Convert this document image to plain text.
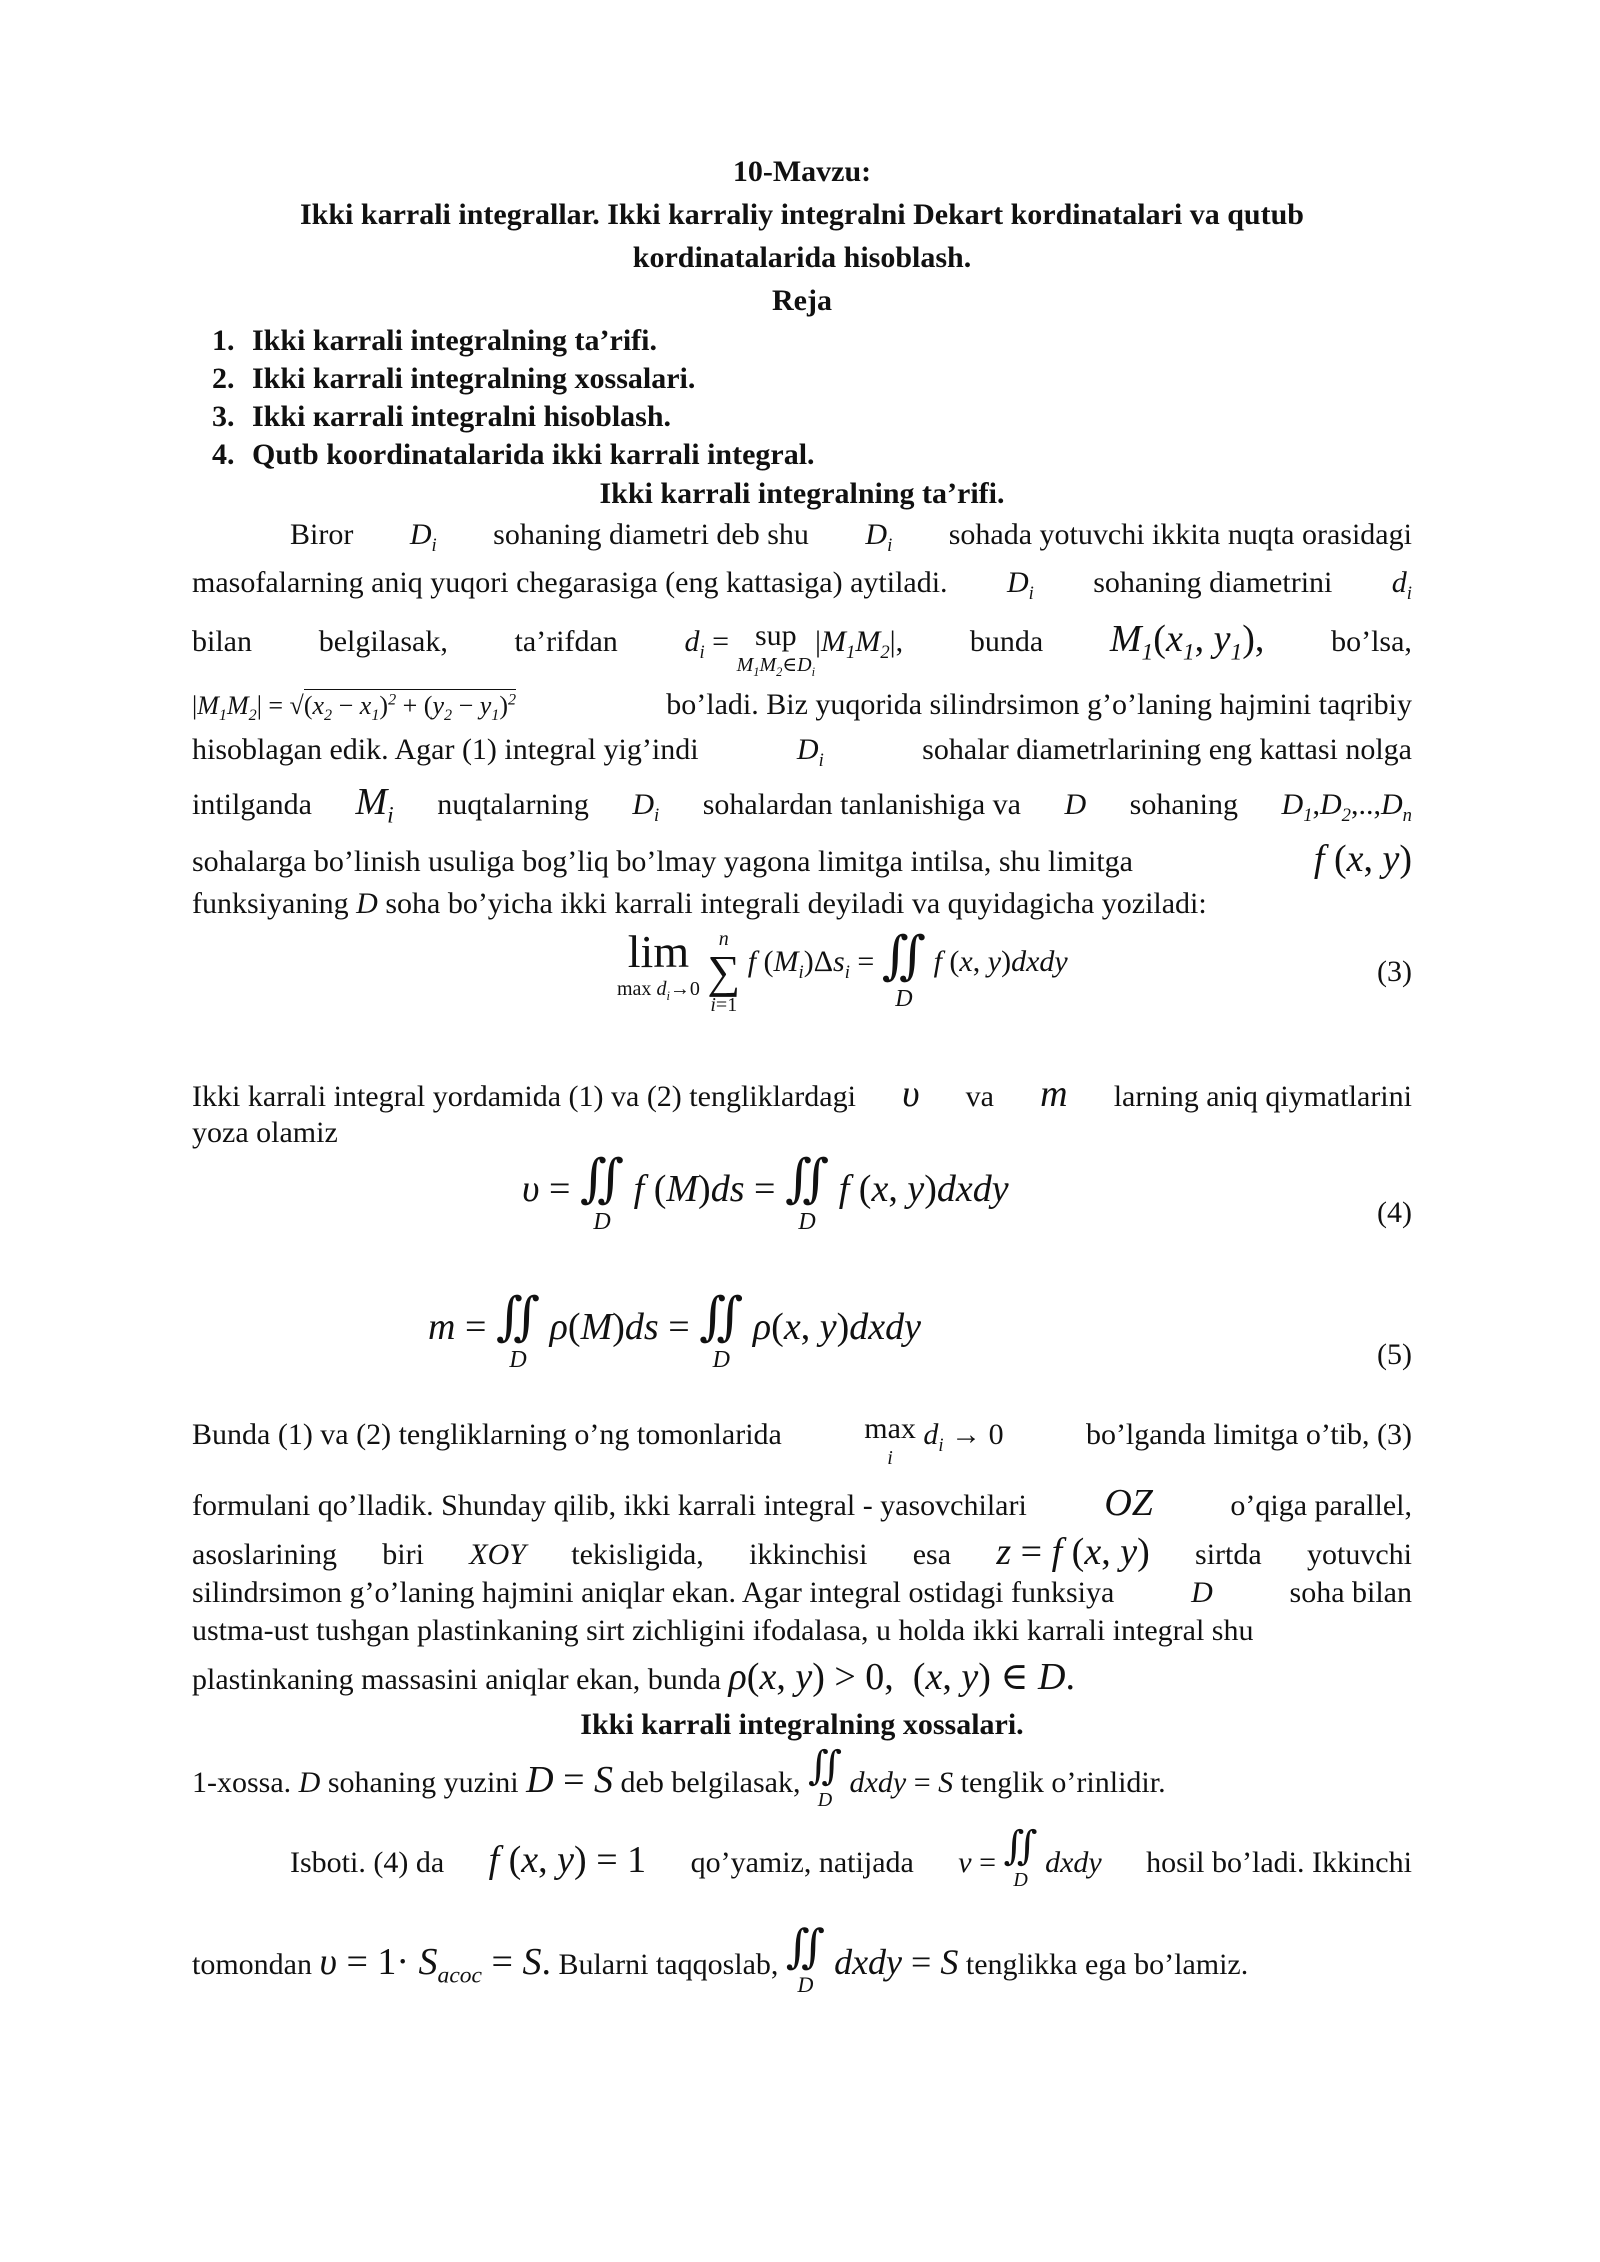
10-Mavzu:
Ikki karrali integrallar. Ikki karraliy integralni Dekart kordinatalari va qutub
kordinatalarida hisoblash.
Reja
1. Ikki karrali integralning ta’rifi.
2. Ikki karrali integralning xossalari.
3. Ikki кarrali integralni hisoblash.
4. Qutb koordinatalarida ikki karrali integral.
Ikki karrali integralning ta’rifi.
Biror $D_i$ sohaning diametri deb shu $D_i$ sohada yotuvchi ikkita nuqta orasidagi
masofalarning aniq yuqori chegarasiga (eng kattasiga) aytiladi. $D_i$ sohaning diametrini $d_i$
bilan belgilasak, ta’rifdan $d_i$ = sup
$M_1M_2\in D_i$
$|M_1M_2|$, bunda $M_1(x_1$, $y_1$), bo’lsa,
$|M_1M_2| = √(x_2 - x_1)^2 + (y_2 - y_1)^2$	bo’ladi. Biz yuqorida silindrsimon g’o’laning hajmini taqribiy
hisoblagan edik. Agar (1) integral yig’indi	$D_i$	sohalar diametrlarining eng kattasi nolga
intilganda $M_i$ nuqtalarning $D_i$ sohalardan tanlanishiga va D sohaning $D_1,D_2,..,D_n$
sohalarga bo’linish usuliga bog’liq bo’lmay yagona limitga intilsa, shu limitga	f (x, y)
funksiyaning D soha bo’yicha ikki karrali integrali deyiladi va quyidagicha yoziladi:
lim
$\max d_i\to 0$

n
∑
i=1
f $(M_i)\Delta s_i$ = ∬
D
f (x, y)dxdy	(3)
Ikki karrali integral yordamida (1) va (2) tengliklardagi υ va m larning aniq qiymatlarini
yoza olamiz
υ = ∬
D
f (M)ds = ∬
D
f (x, y)dxdy
(4)
m = ∬
D
ρ(M)ds = ∬
D
ρ(x, y)dxdy
(5)
Bunda (1) va (2) tengliklarning o’ng tomonlarida	max
i
$d_i \to 0$	bo’lganda limitga o’tib, (3)
formulani qo’lladik. Shunday qilib, ikki karrali integral - yasovchilari OZ	o’qiga parallel,
asoslarining biri XOY tekisligida, ikkinchisi esa z = f (x, y) sirtda yotuvchi
silindrsimon g’o’laning hajmini aniqlar ekan. Agar integral ostidagi funksiya	D	soha bilan
ustma-ust tushgan plastinkaning sirt zichligini ifodalasa, u holda ikki karrali integral shu
plastinkaning massasini aniqlar ekan, bunda ρ(x, y) > 0,  (x, y) ∈ D.
Ikki karrali integralning xossalari.
1-xossa. D sohaning yuzini D = S deb belgilasak, ∬
D
dxdy = S tenglik o’rinlidir.
Isboti. (4) da f (x, y) = 1 qo’yamiz, natijada v = ∬
D
dxdy hosil bo’ladi. Ikkinchi
tomondan $\upsilon = 1\cdot S_{acoc} = S$. Bularni taqqoslab, ∬
D
dxdy = S tenglikka ega bo’lamiz.
